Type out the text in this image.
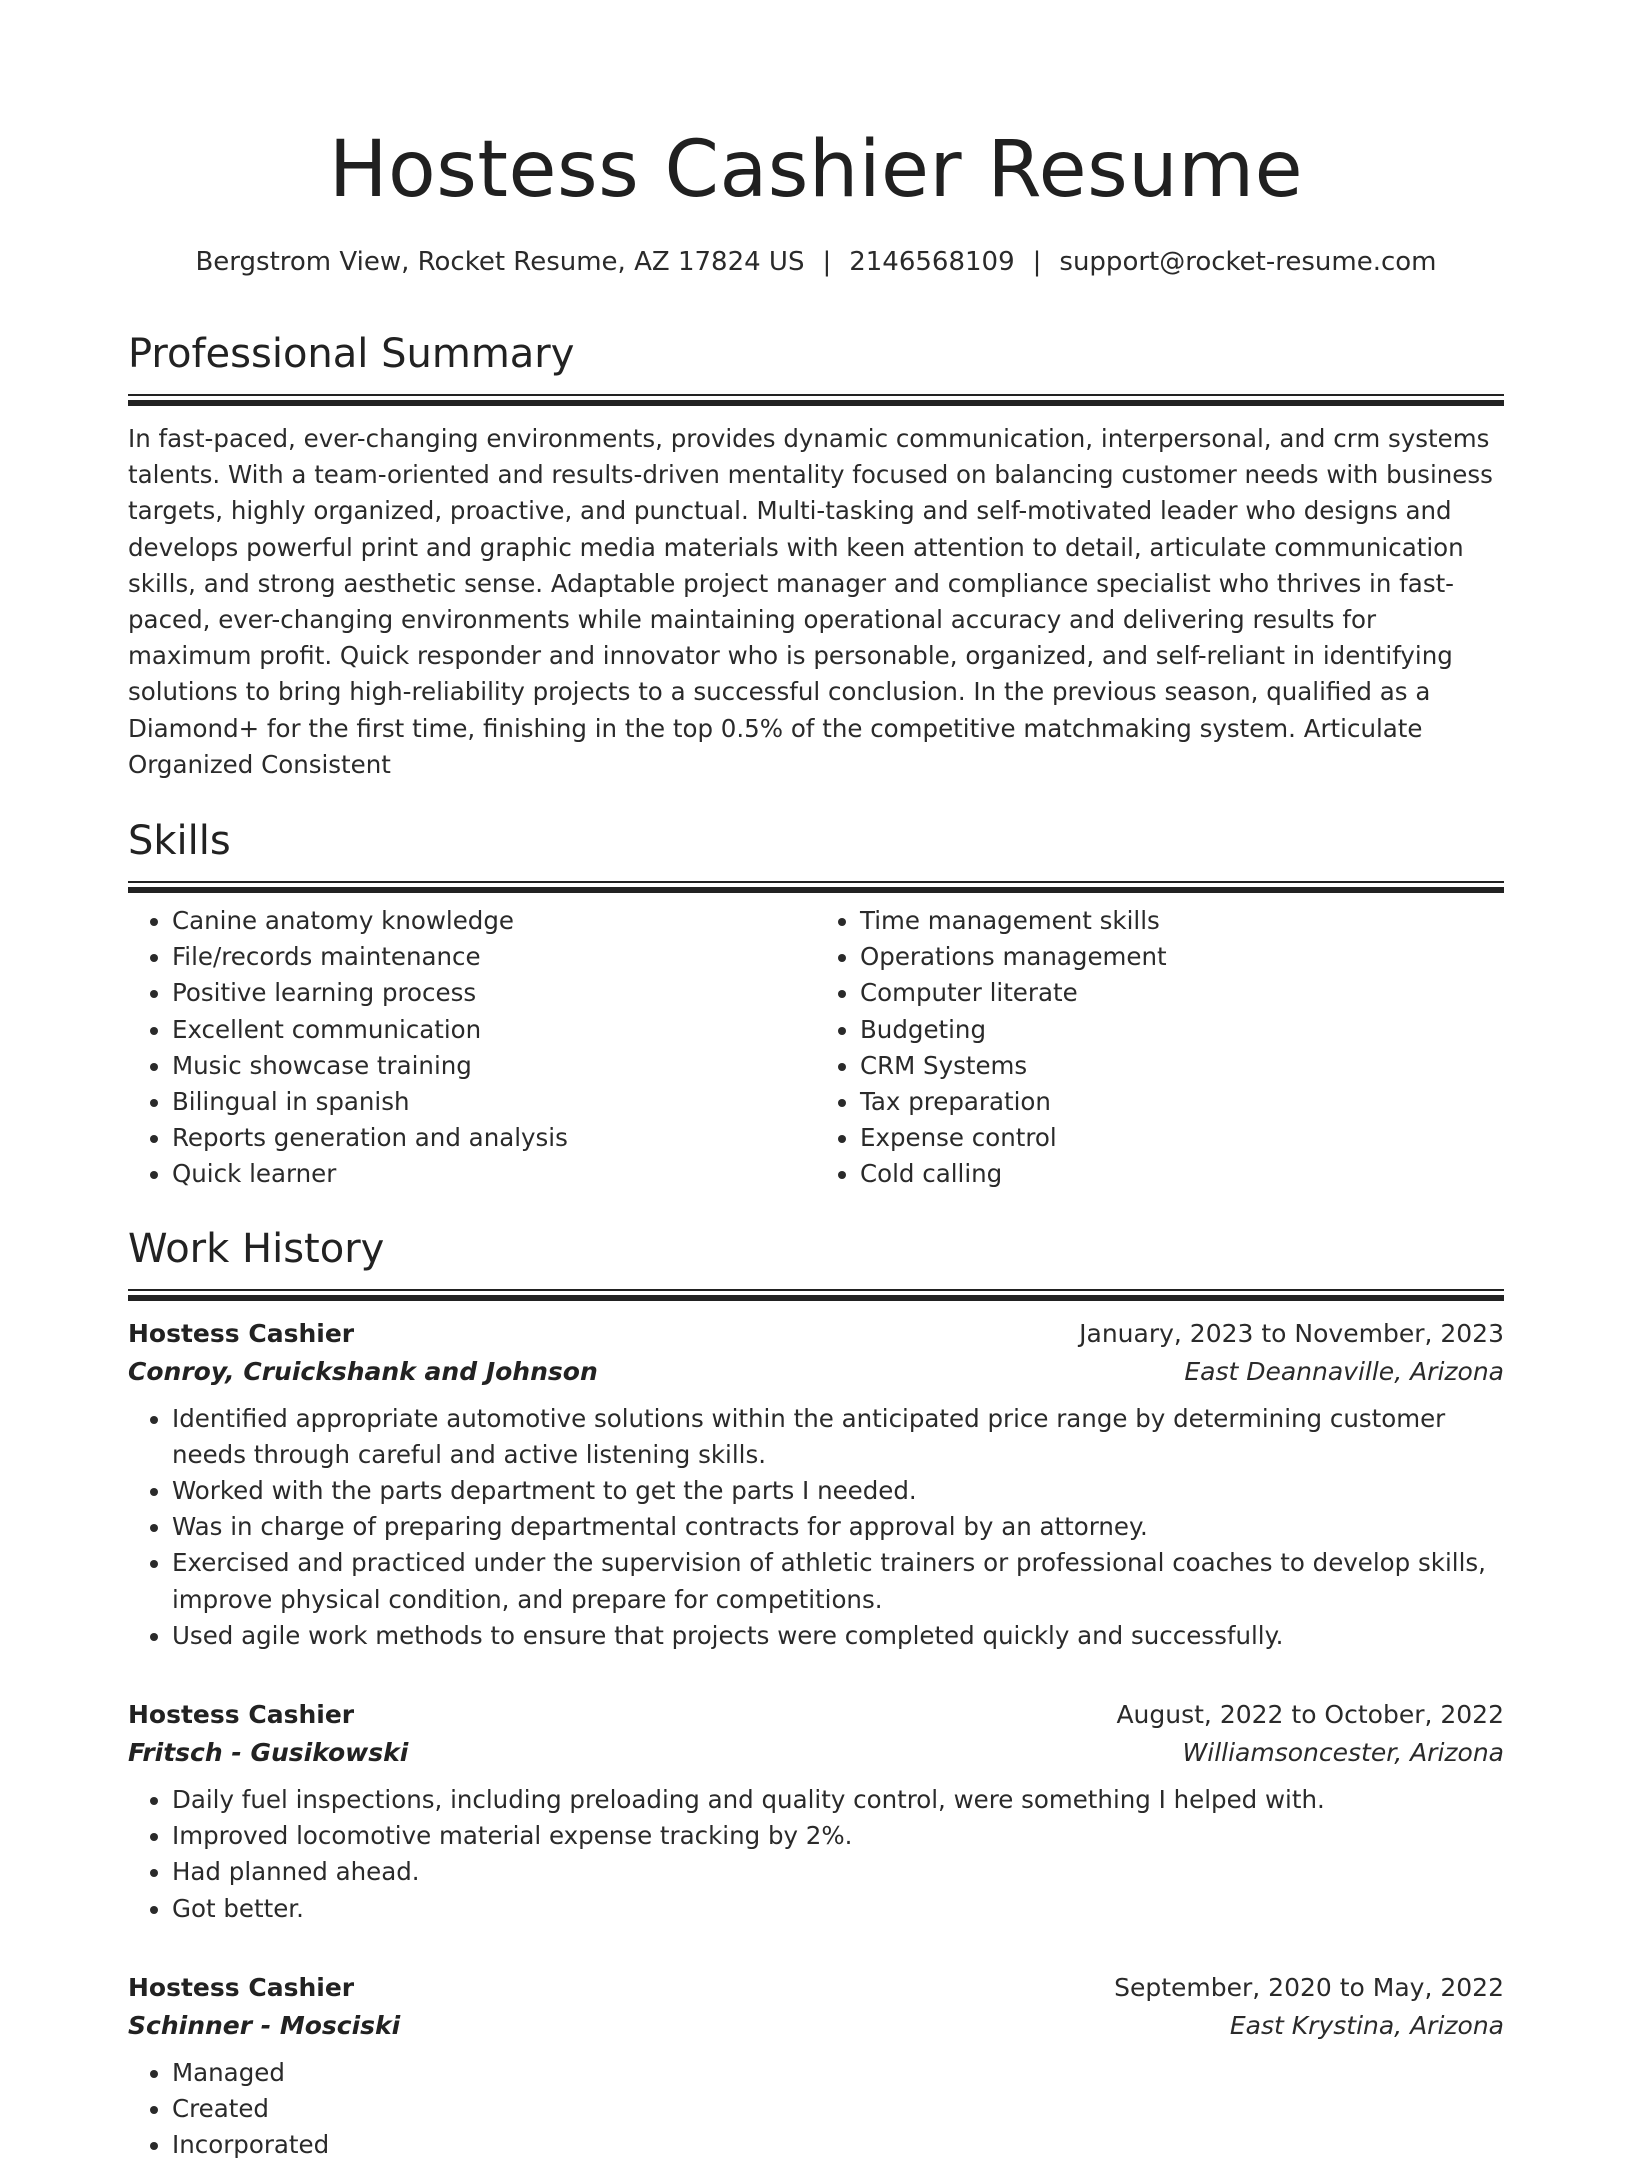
Hostess Cashier Resume
Bergstrom View, Rocket Resume, AZ 17824 US | 2146568109 | support@rocket-resume.com
Professional Summary

In fast-paced, ever-changing environments, provides dynamic communication, interpersonal, and crm systems talents. With a team-oriented and results-driven mentality focused on balancing customer needs with business targets, highly organized, proactive, and punctual. Multi-tasking and self-motivated leader who designs and develops powerful print and graphic media materials with keen attention to detail, articulate communication skills, and strong aesthetic sense. Adaptable project manager and compliance specialist who thrives in fast-paced, ever-changing environments while maintaining operational accuracy and delivering results for maximum profit. Quick responder and innovator who is personable, organized, and self-reliant in identifying solutions to bring high-reliability projects to a successful conclusion. In the previous season, qualified as a Diamond+ for the first time, finishing in the top 0.5% of the competitive matchmaking system. Articulate Organized Consistent

Skills
• Canine anatomy knowledge
• File/records maintenance
• Positive learning process
• Excellent communication
• Music showcase training
• Bilingual in spanish
• Reports generation and analysis
• Quick learner
• Time management skills
• Operations management
• Computer literate
• Budgeting
• CRM Systems
• Tax preparation
• Expense control
• Cold calling
Work History
Hostess Cashier	January, 2023 to November, 2023
Conroy, Cruickshank and Johnson	East Deannaville, Arizona
• Identified appropriate automotive solutions within the anticipated price range by determining customer needs through careful and active listening skills.
• Worked with the parts department to get the parts I needed.
• Was in charge of preparing departmental contracts for approval by an attorney.
• Exercised and practiced under the supervision of athletic trainers or professional coaches to develop skills, improve physical condition, and prepare for competitions.
• Used agile work methods to ensure that projects were completed quickly and successfully.
Hostess Cashier	August, 2022 to October, 2022
Fritsch - Gusikowski	Williamsoncester, Arizona
• Daily fuel inspections, including preloading and quality control, were something I helped with.
• Improved locomotive material expense tracking by 2%.
• Had planned ahead.
• Got better.
Hostess Cashier	September, 2020 to May, 2022
Schinner - Mosciski	East Krystina, Arizona
• Managed
• Created
• Incorporated
